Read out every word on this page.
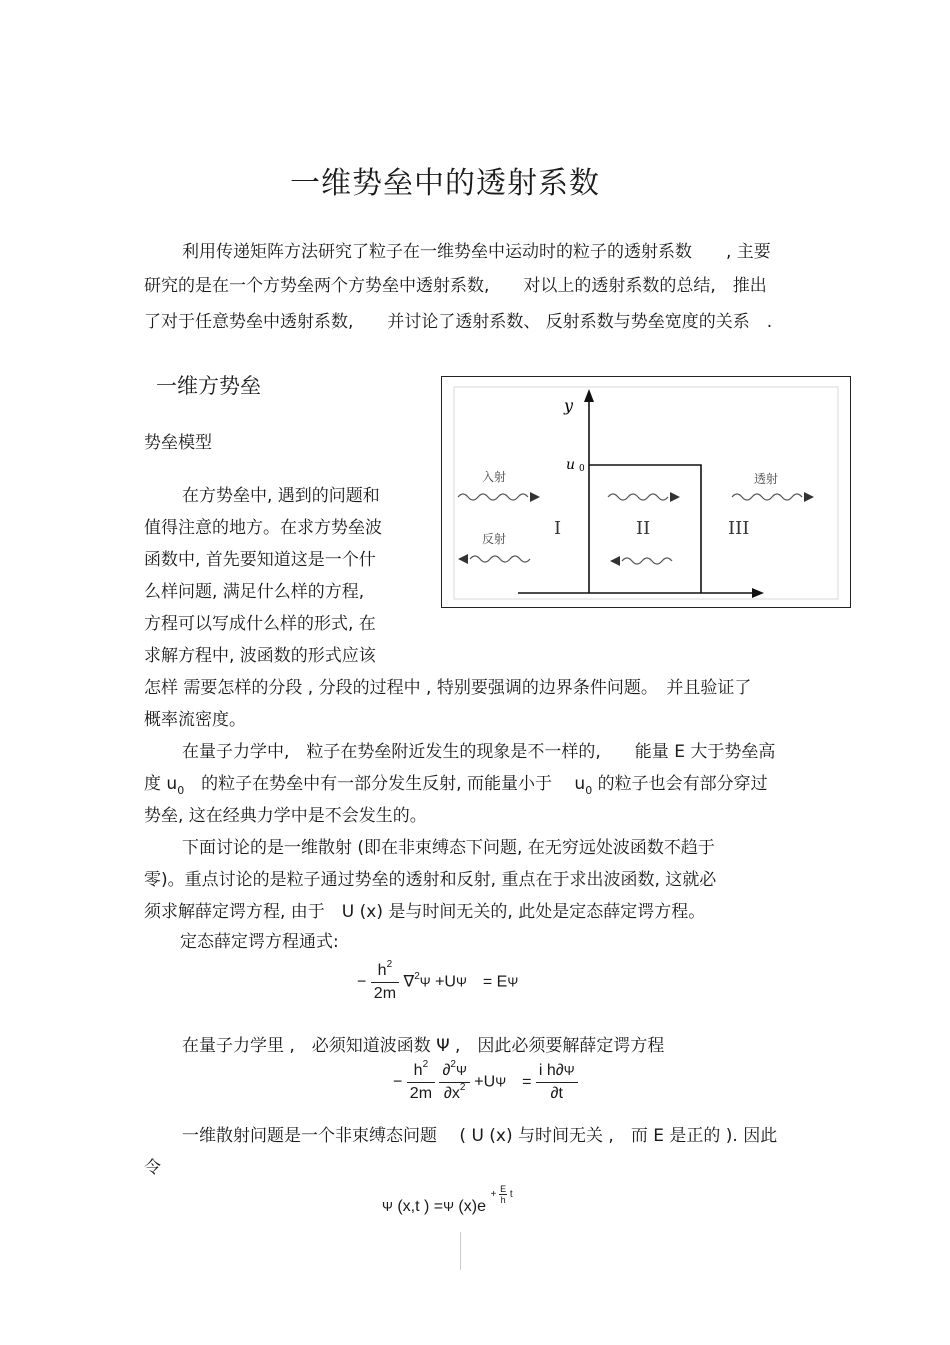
一维势垒中的透射系数
利用传递矩阵方法研究了粒子在一维势垒中运动时的粒子的透射系数　　, 主要
研究的是在一个方势垒两个方势垒中透射系数,　　对以上的透射系数的总结,　推出
了对于任意势垒中透射系数,　　并讨论了透射系数、 反射系数与势垒宽度的关系　.
一维方势垒
势垒模型
在方势垒中, 遇到的问题和
值得注意的地方。在求方势垒波
函数中, 首先要知道这是一个什
么样问题, 满足什么样的方程,
方程可以写成什么样的形式, 在
求解方程中, 波函数的形式应该
y
u 0
入射
反射
透射
I	II	III
怎样 需要怎样的分段 , 分段的过程中 , 特别要强调的边界条件问题。　并且验证了
概率流密度。
在量子力学中,　粒子在势垒附近发生的现象是不一样的,　　能量 E 大于势垒高
度 $u_0$　的粒子在势垒中有一部分发生反射, 而能量小于　 $u_0$ 的粒子也会有部分穿过
势垒, 这在经典力学中是不会发生的。
下面讨论的是一维散射 (即在非束缚态下问题, 在无穷远处波函数不趋于
零)。重点讨论的是粒子通过势垒的透射和反射, 重点在于求出波函数, 这就必
须求解薛定谔方程, 由于　U (x) 是与时间无关的, 此处是定态薛定谔方程。
定态薛定谔方程通式:
− $\frac{h^2}{2m} \nabla^2\Psi +U\Psi$　= EΨ
在量子力学里 ,　必须知道波函数 Ψ ,　因此必须要解薛定谔方程
− $\frac{h^2}{2m}$
$\frac{\partial^2\Psi}{\partial x^2} +U\Psi$　= $\frac{\text{i h∂Ψ}}{\partial t}$
一维散射问题是一个非束缚态问题　 ( U (x) 与时间无关 ,　而 E 是正的 ). 因此
令
Ψ (x,t ) =Ψ (x)e $^{+ \frac{E}{h} t}$
